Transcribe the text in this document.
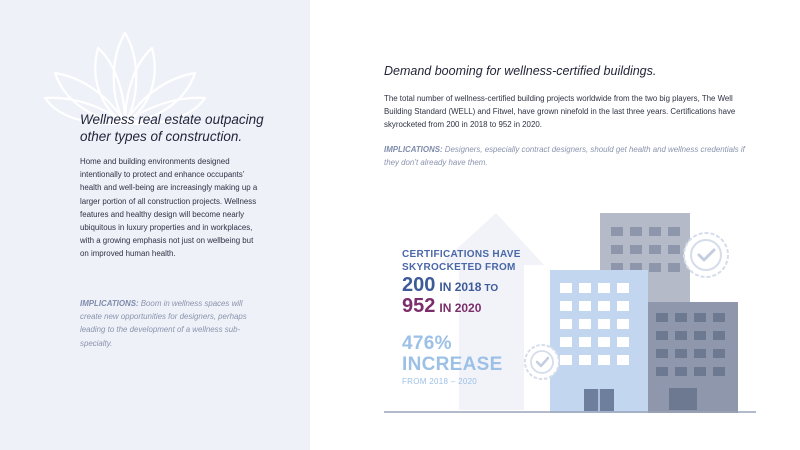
Wellness real estate outpacing other types of construction.
Home and building environments designed intentionally to protect and enhance occupants’ health and well-being are increasingly making up a larger portion of all construction projects. Wellness features and healthy design will become nearly ubiquitous in luxury properties and in workplaces, with a growing emphasis not just on wellbeing but on improved human health.
IMPLICATIONS: Boom in wellness spaces will create new opportunities for designers, perhaps leading to the development of a wellness sub-specialty.
Demand booming for wellness-certified buildings.
The total number of wellness-certified building projects worldwide from the two big players, The Well Building Standard (WELL) and Fitwel, have grown ninefold in the last three years. Certifications have skyrocketed from 200 in 2018 to 952 in 2020.
IMPLICATIONS: Designers, especially contract designers, should get health and wellness credentials if they don’t already have them.
CERTIFICATIONS HAVE SKYROCKETED FROM
200 IN 2018 TO
952 IN 2020
476%
INCREASE
FROM 2018 – 2020
